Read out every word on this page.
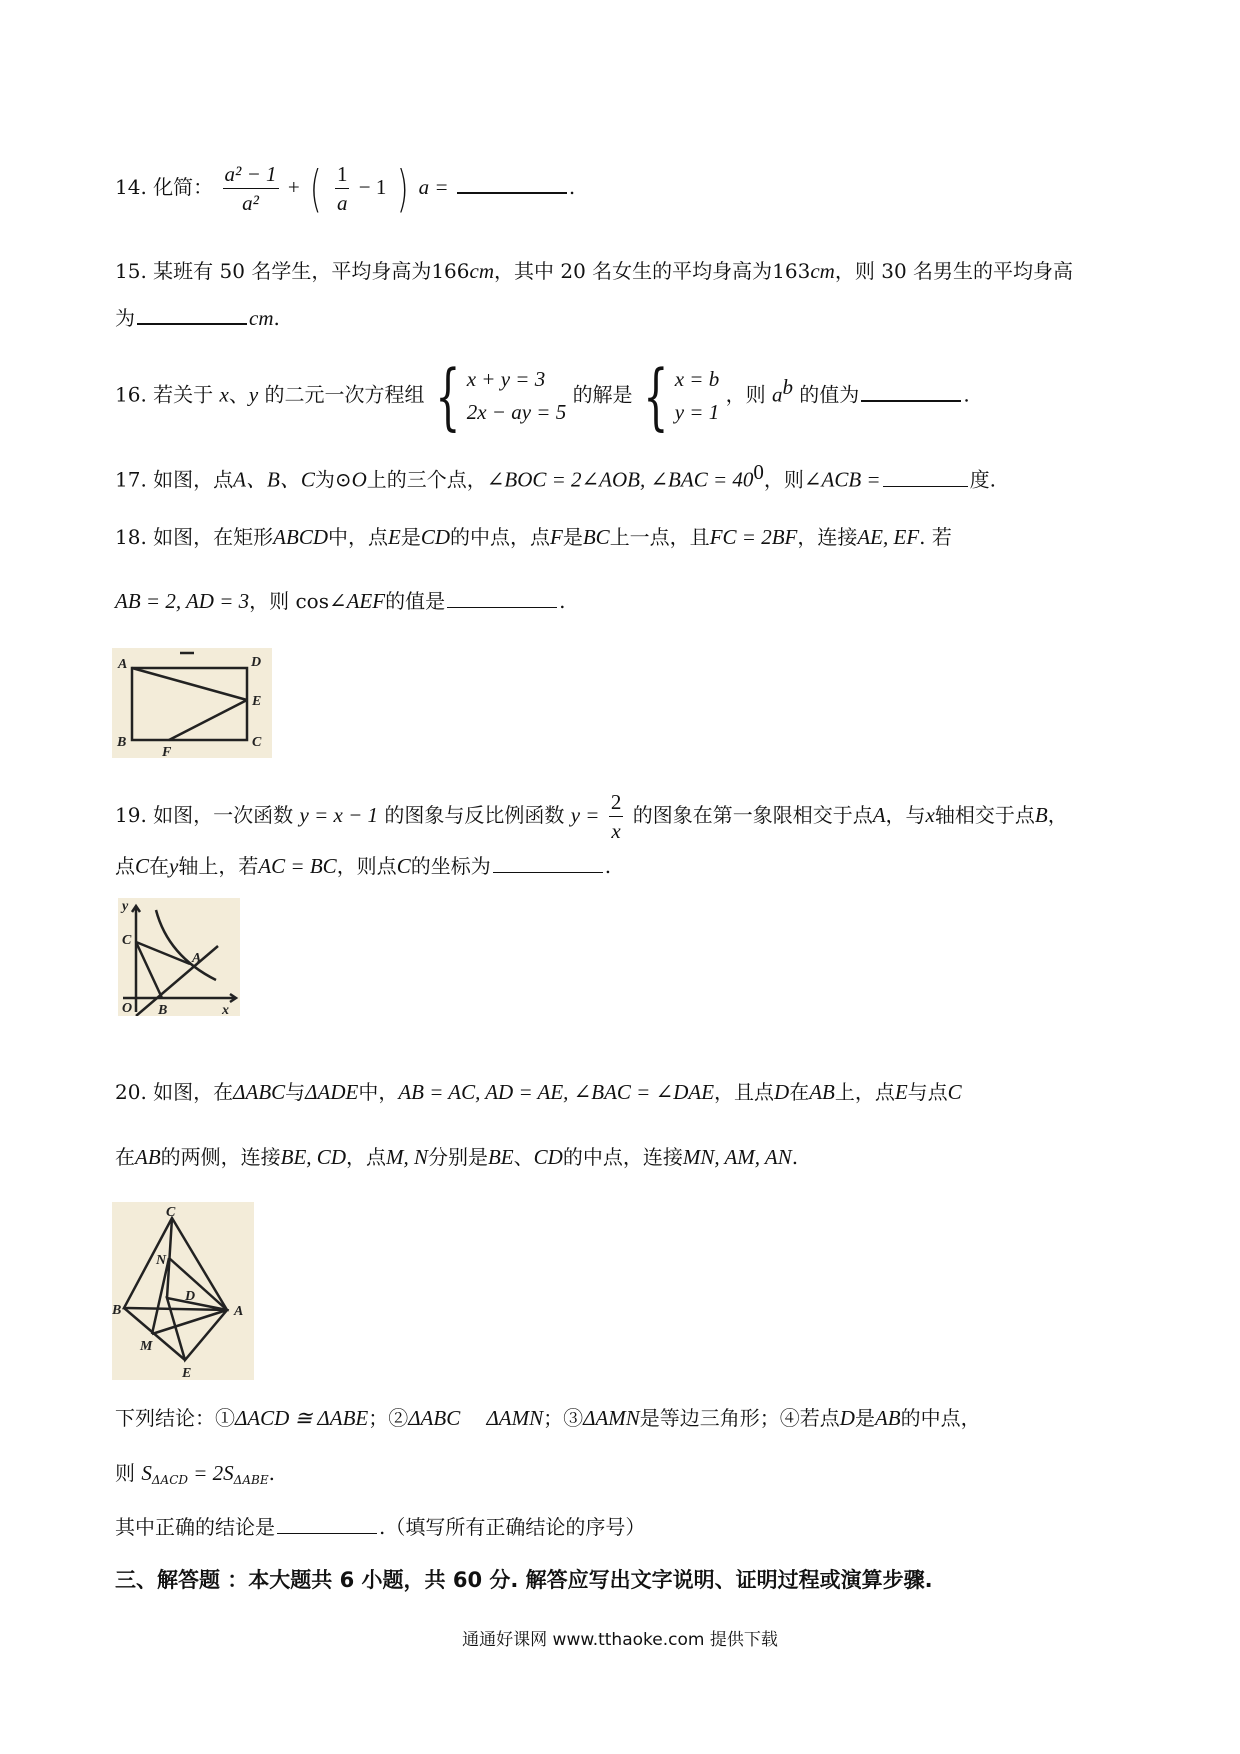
14. 化简： $\frac{\text{a² − 1}}{\text{a²}}$ + ( $\frac{1}{a} - 1$ ) a =	.
15. 某班有 50 名学生，平均身高为166cm，其中 20 名女生的平均身高为163cm，则 30 名男生的平均身高
为	cm.
16. 若关于 x、y 的二元一次方程组 { x + y = 3
2x − ay = 5
的解是 { x = b
y = 1
，则 $a^b$ 的值为	.
17. 如图，点A、B、C为⊙O上的三个点，∠BOC = 2∠AOB, ∠BAC = $40^0$，则∠ACB =	度.
18. 如图，在矩形ABCD中，点E是CD的中点，点F是BC上一点，且FC = 2BF，连接AE, EF. 若
AB = 2, AD = 3，则 cos∠AEF的值是	.
A	D
E
B
F
C
19. 如图，一次函数 y = x − 1 的图象与反比例函数 $y = \frac{2}{x}$ 的图象在第一象限相交于点A，与x轴相交于点B，
点C在y轴上，若AC = BC，则点C的坐标为	.
y
C
A
O B	x
20. 如图，在ΔABC与ΔADE中，AB = AC, AD = AE, ∠BAC = ∠DAE，且点D在AB上，点E与点C
在AB的两侧，连接BE, CD，点M, N分别是BE、CD的中点，连接MN, AM, AN.
C
N
D
B	A
M
E
下列结论：①ΔACD ≅ ΔABE；②ΔABC     ΔAMN；③ΔAMN是等边三角形；④若点D是AB的中点，
则 $S_{\Delta ACD} = 2S_{\Delta ABE}$.
其中正确的结论是	.（填写所有正确结论的序号）
三、解答题 ：本大题共 6 小题，共 60 分. 解答应写出文字说明、证明过程或演算步骤.
通通好课网 www.tthaoke.com 提供下载
